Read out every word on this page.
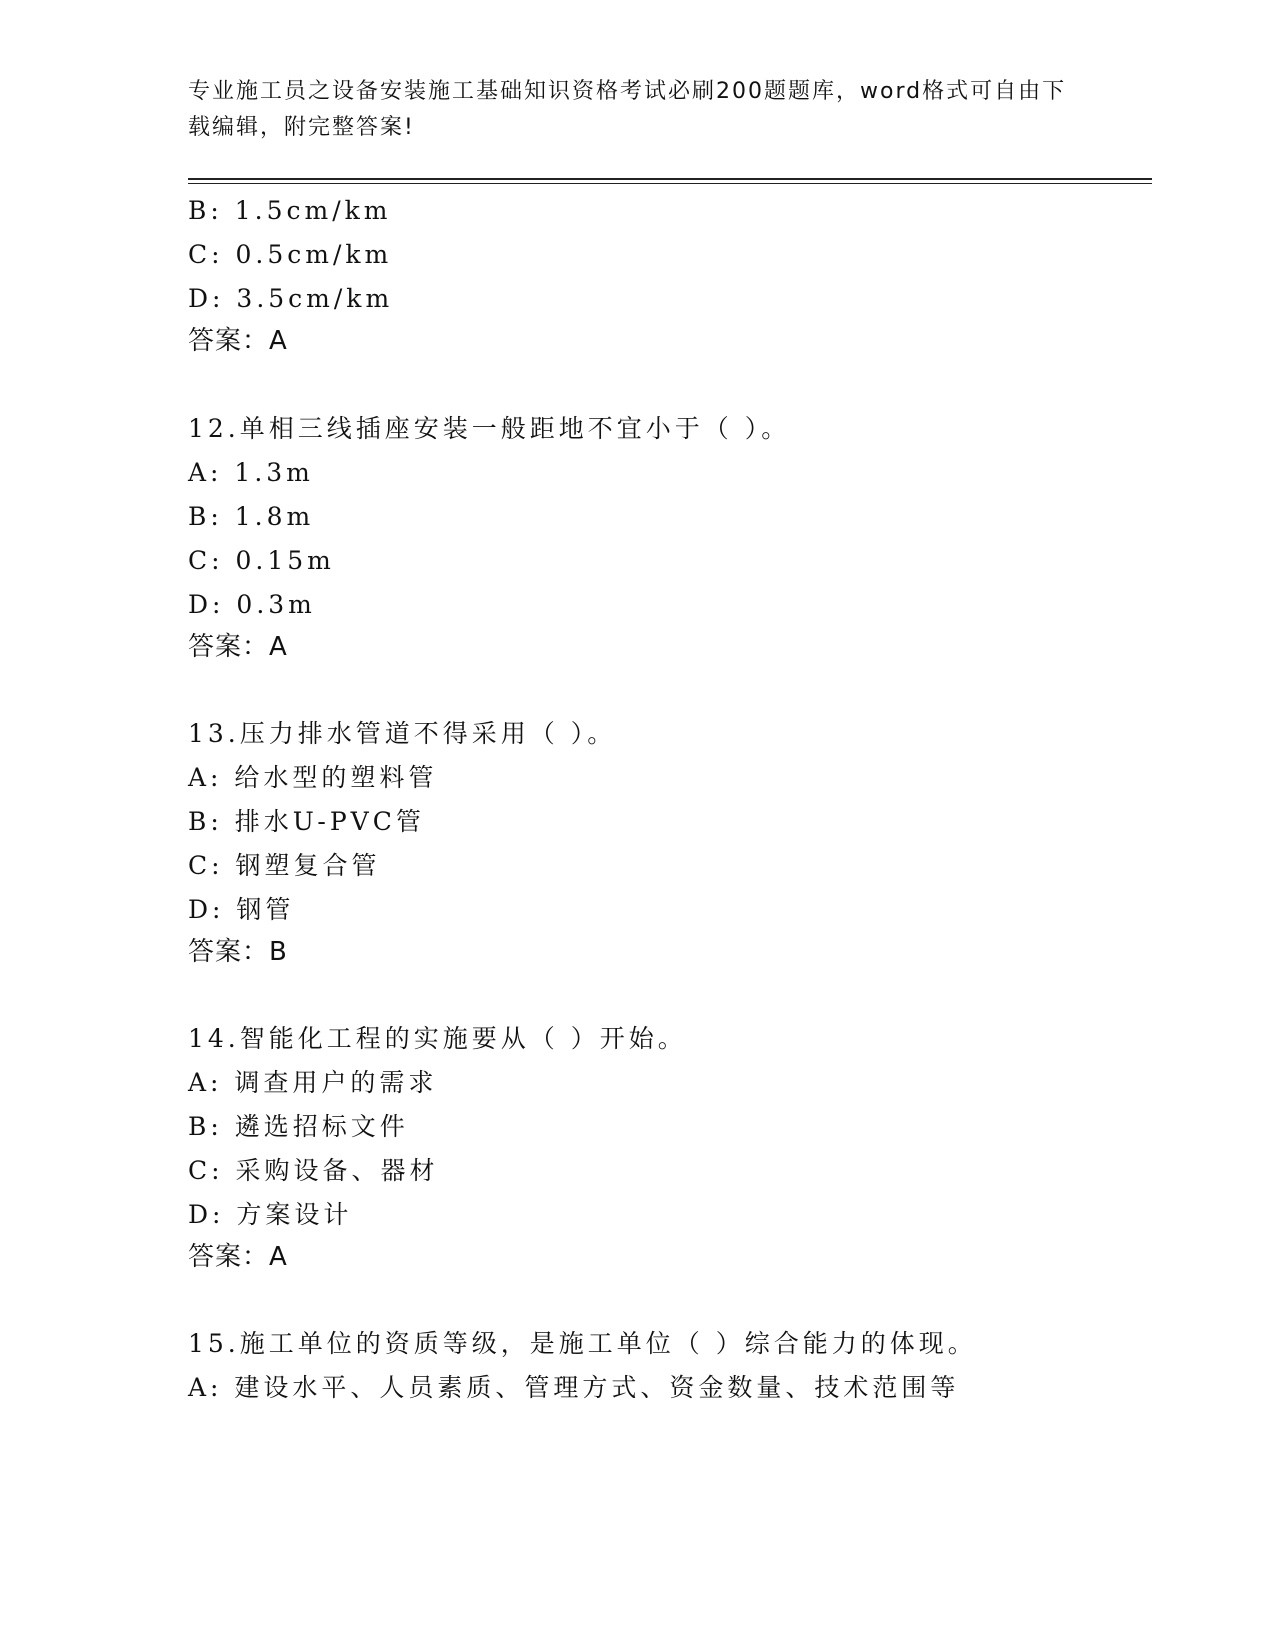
专业施工员之设备安装施工基础知识资格考试必刷200题题库，word格式可自由下载编辑，附完整答案!

B: 1.5cm/km

C: 0.5cm/km

D: 3.5cm/km

答案：A

12.单相三线插座安装一般距地不宜小于（ ）。

A: 1.3m

B: 1.8m

C: 0.15m

D: 0.3m

答案：A

13.压力排水管道不得采用（ ）。

A: 给水型的塑料管

B: 排水U-PVC管

C: 钢塑复合管

D: 钢管

答案：B

14.智能化工程的实施要从（ ）开始。

A: 调查用户的需求

B: 遴选招标文件

C: 采购设备、器材

D: 方案设计

答案：A

15.施工单位的资质等级，是施工单位（ ）综合能力的体现。

A: 建设水平、人员素质、管理方式、资金数量、技术范围等
